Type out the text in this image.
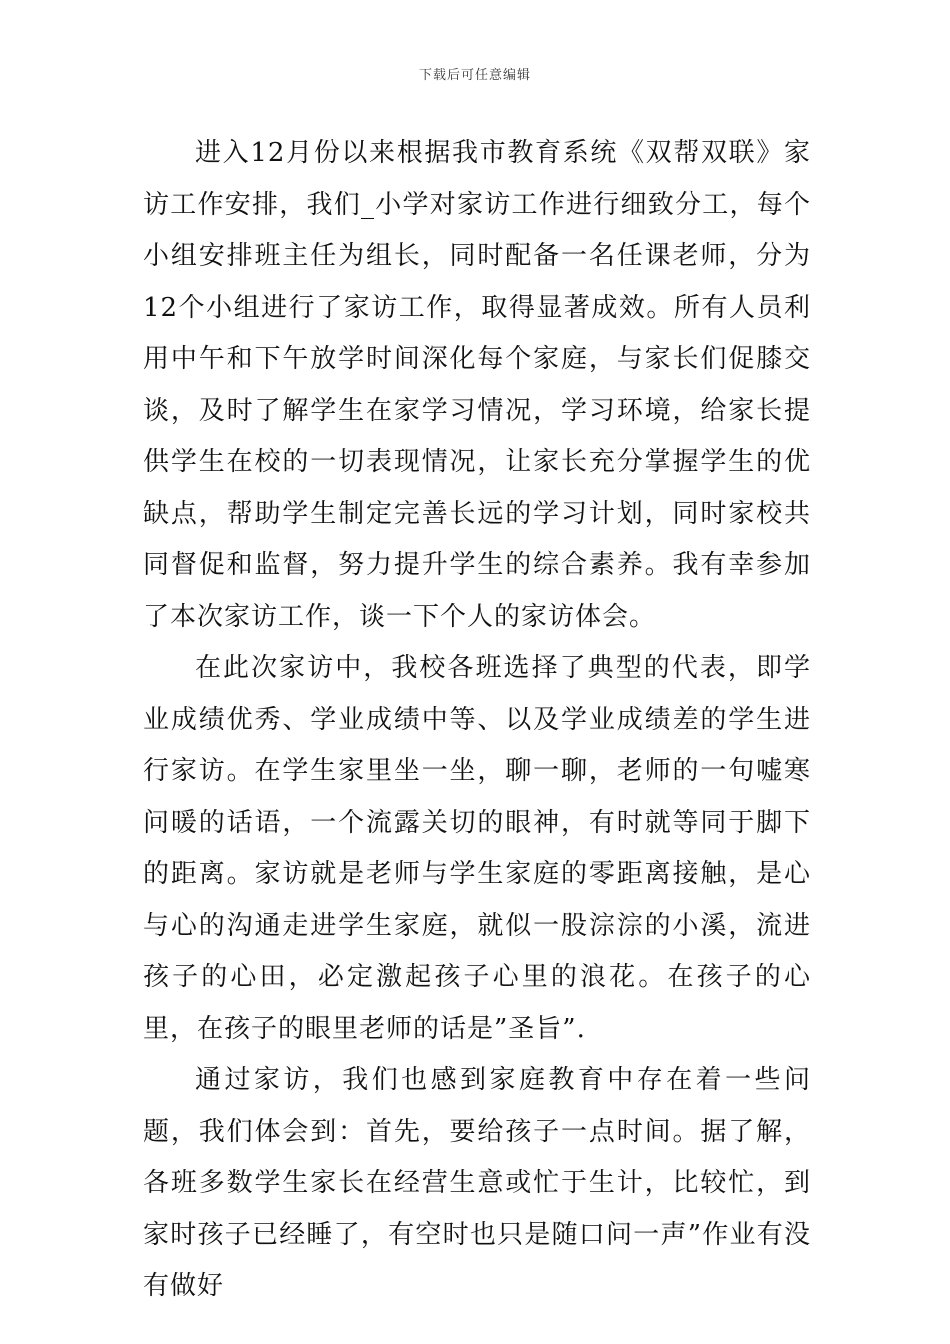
下载后可任意编辑

进入12月份以来根据我市教育系统《双帮双联》家访工作安排，我们_小学对家访工作进行细致分工，每个小组安排班主任为组长，同时配备一名任课老师，分为12个小组进行了家访工作，取得显著成效。所有人员利用中午和下午放学时间深化每个家庭，与家长们促膝交谈，及时了解学生在家学习情况，学习环境，给家长提供学生在校的一切表现情况，让家长充分掌握学生的优缺点，帮助学生制定完善长远的学习计划，同时家校共同督促和监督，努力提升学生的综合素养。我有幸参加了本次家访工作，谈一下个人的家访体会。

在此次家访中，我校各班选择了典型的代表，即学业成绩优秀、学业成绩中等、以及学业成绩差的学生进行家访。在学生家里坐一坐，聊一聊，老师的一句嘘寒问暖的话语，一个流露关切的眼神，有时就等同于脚下的距离。家访就是老师与学生家庭的零距离接触，是心与心的沟通走进学生家庭，就似一股淙淙的小溪，流进孩子的心田，必定激起孩子心里的浪花。在孩子的心里，在孩子的眼里老师的话是”圣旨”.

通过家访，我们也感到家庭教育中存在着一些问题，我们体会到：首先，要给孩子一点时间。据了解，各班多数学生家长在经营生意或忙于生计，比较忙，到家时孩子已经睡了，有空时也只是随口问一声”作业有没有做好
